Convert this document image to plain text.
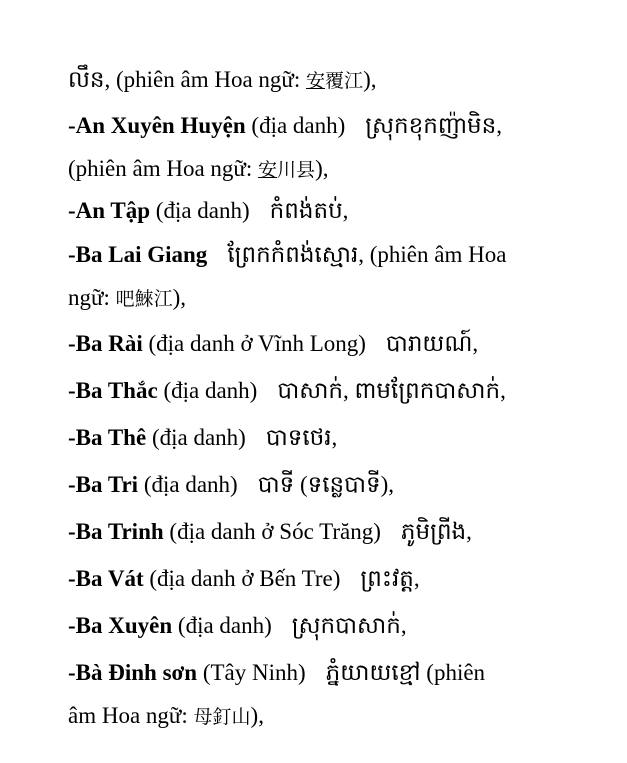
លឹន, (phiên âm Hoa ngữ: 安覆江),
-An Xuyên Huyện (địa danh) ស្រុកខុកញ៉ាមិន,
(phiên âm Hoa ngữ: 安川县),
-An Tập (địa danh) កំពង់តប់,
-Ba Lai Giang ព្រែកកំពង់ស្មោរ, (phiên âm Hoa
ngữ: 吧鯠江),
-Ba Rài (địa danh ở Vĩnh Long) បារាយណ៍,
-Ba Thắc (địa danh) បាសាក់, ពាមព្រែកបាសាក់,
-Ba Thê (địa danh) បាទថេរ,
-Ba Tri (địa danh) បាទី (ទន្លេបាទី),
-Ba Trinh (địa danh ở Sóc Trăng) ភូមិព្រីង,
-Ba Vát (địa danh ở Bến Tre) ព្រះវត្ត,
-Ba Xuyên (địa danh) ស្រុកបាសាក់,
-Bà Đinh sơn (Tây Ninh) ភ្នំយាយខ្មៅ (phiên
âm Hoa ngữ: 母釘山),
